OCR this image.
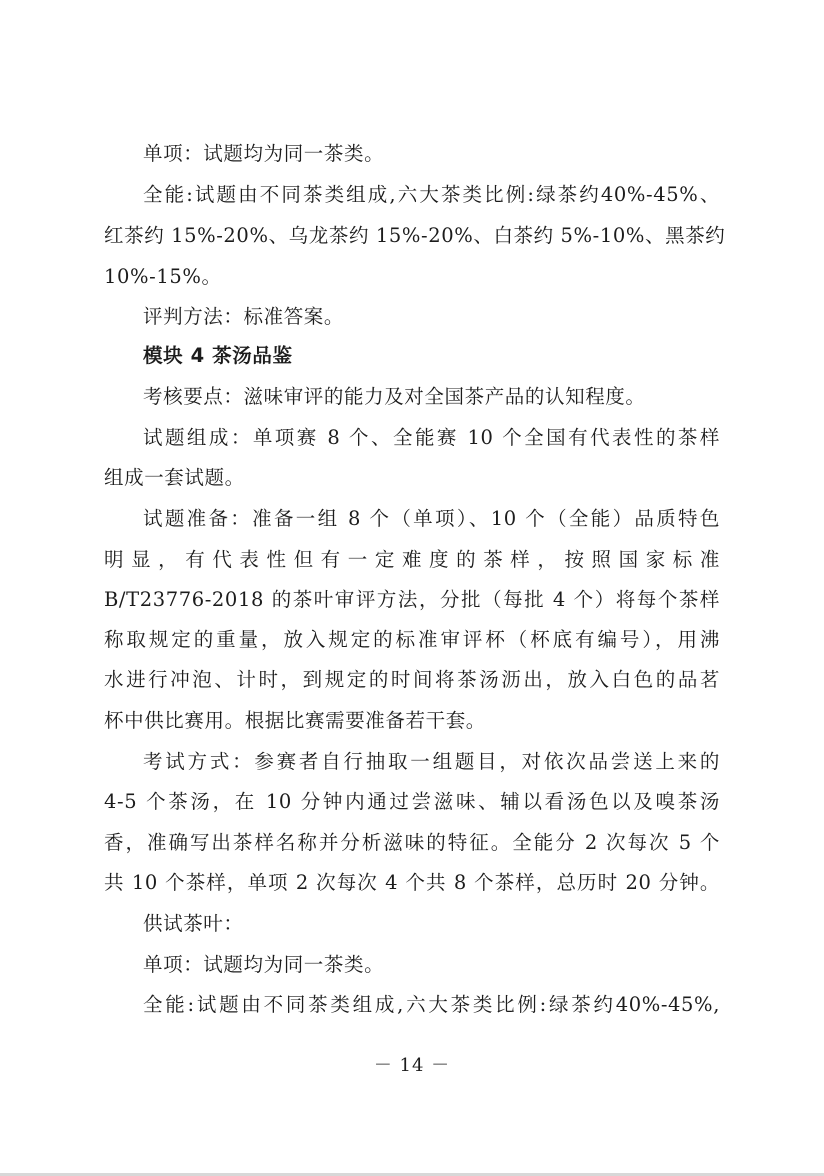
单项：试题均为同一茶类。
全能:试题由不同茶类组成,六大茶类比例:绿茶约40%-45%、
红茶约 15%-20%、乌龙茶约 15%-20%、白茶约 5%-10%、黑茶约
10%-15%。
评判方法：标准答案。
模块 4 茶汤品鉴
考核要点：滋味审评的能力及对全国茶产品的认知程度。
试题组成：单项赛 8 个、全能赛 10 个全国有代表性的茶样
组成一套试题。
试题准备：准备一组 8 个（单项）、10 个（全能）品质特色
明显，有代表性但有一定难度的茶样，按照国家标准
B/T23776-2018 的茶叶审评方法，分批（每批 4 个）将每个茶样
称取规定的重量，放入规定的标准审评杯（杯底有编号），用沸
水进行冲泡、计时，到规定的时间将茶汤沥出，放入白色的品茗
杯中供比赛用。根据比赛需要准备若干套。
考试方式：参赛者自行抽取一组题目，对依次品尝送上来的
4-5 个茶汤，在 10 分钟内通过尝滋味、辅以看汤色以及嗅茶汤
香，准确写出茶样名称并分析滋味的特征。全能分 2 次每次 5 个
共 10 个茶样，单项 2 次每次 4 个共 8 个茶样，总历时 20 分钟。
供试茶叶：
单项：试题均为同一茶类。
全能:试题由不同茶类组成,六大茶类比例:绿茶约40%-45%,
－ 14 －
